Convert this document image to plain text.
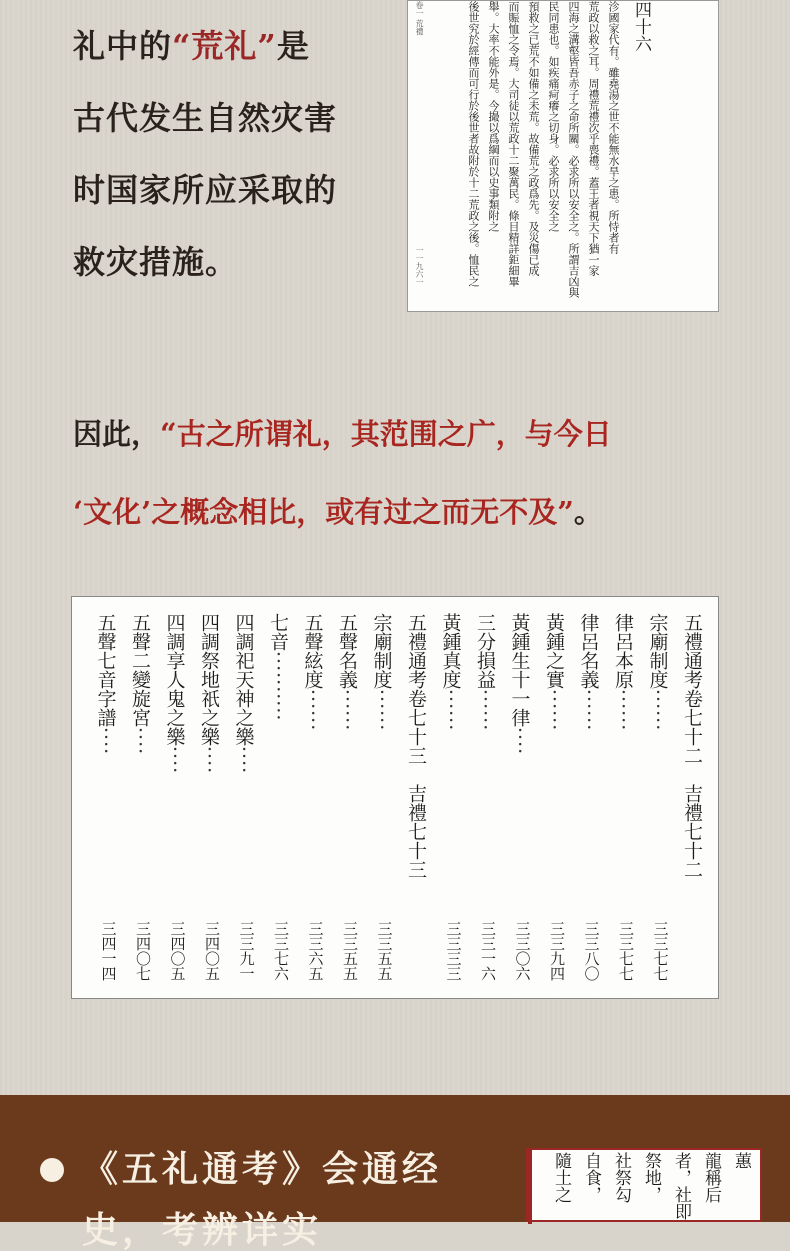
礼中的“荒礼”是
古代发生自然灾害
时国家所应采取的
救灾措施。
四十六
卷一 荒禮
一一九六一
沴國家代有。雖堯湯之世不能無水旱之患。所恃者有
荒政以救之耳。周禮荒禮次乎喪禮。蓋王者視天下猶一家
四海之溝壑皆吾赤子之命所關。必求所以安全之。所謂吉凶與
民同患也。如疾痛疴癢之切身。必求所以安全之
預救之已荒不如備之未荒。故備荒之政爲先。及災傷已成
而賑恤之令焉。大司徒以荒政十二聚萬民。條目精詳鉅細畢
舉。大率不能外是。今撮以爲綱而以史事類附之
後世究於經傳而可行於後世者故附於十二荒政之後。恤民之
因此，“古之所谓礼，其范围之广，与今日
‘文化’之概念相比，或有过之而无不及”。
五禮通考卷七十二　吉禮七十二
宗廟制度······
三三七七
律呂本原······
三三七七
律呂名義······
三三八〇
黃鍾之實······
三三九四
黃鍾生十一律····
三三〇六
三分損益······
三三一六
黃鍾真度······
三三三三
五禮通考卷七十三　吉禮七十三
宗廟制度······
三三五五
五聲名義······
三三五五
五聲絃度······
三三六五
七音··········
三三七六
四調祀天神之樂····
三三九一
四調祭地祇之樂····
三四〇五
四調享人鬼之樂····
三四〇五
五聲二變旋宮····
三四〇七
五聲七音字譜····
三四一四
《五礼通考》会通经
史，考辨详实
蕙
龍稱后
者，社即
祭地，
社祭勾
自食，
隨土之
